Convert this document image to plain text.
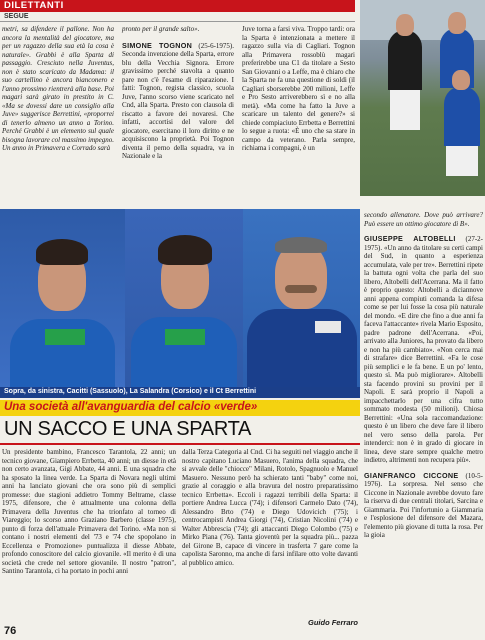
DILETTANTI
SEGUE

metri, sa difendere il pallone. Non ha ancora la mentalità del giocatore, ma per un ragazzo della sua età la cosa è naturale». Grabbi è alla Sparta di passaggio. Cresciuto nella Juventus, non è stato scaricato da Madama: il suo cartellino è ancora bianconero e l'anno prossimo rientrerà alla base. Poi magari sarà girato in prestito in C. «Ma se dovessi dare un consiglio alla Juve» suggerisce Berrettini, «proporrei di tenerlo almeno un anno a Torino. Perché Grabbi è un elemento sul quale bisogna lavorare col massimo impegno. Un anno in Primavera e Corrado sarà

pronto per il grande salto».

SIMONE TOGNON (25-6-1975). Seconda invenzione della Sparta, errore blu della Vecchia Signora. Errore gravissimo perché stavolta a quanto pare non c'è l'esame di riparazione. I fatti: Tognon, regista classico, scuola Juve, l'anno scorso viene scaricato nel Cnd, alla Sparta. Presto con clausola di riscatto a favore dei novaresi. Che infatti, accortisi del valore del giocatore, esercitano il loro diritto e ne acquisiscono la proprietà. Poi Tognon diventa il perno della squadra, va in Nazionale e la

Juve torna a farsi viva. Troppo tardi: ora la Sparta è intenzionata a mettere il ragazzo sulla via di Cagliari. Tognon alla Primavera rossoblù magari preferirebbe una C1 da titolare a Sesto San Giovanni o a Leffe, ma è chiaro che la Sparta ne fa una questione di soldi (il Cagliari sborserebbe 200 milioni, Leffe e Pro Sesto arriverebbero sì e no alla metà). «Ma come ha fatto la Juve a scaricare un talento del genere?» si chiede compiaciuto Errbetta e Berrettini lo segue a ruota: «È uno che sa stare in campo da veterano. Parla sempre, richiama i compagni, è un

Sopra, da sinistra, Cacitti (Sassuolo), La Salandra (Corsico) e il Ct Berrettini

secondo allenatore. Dove può arrivare? Può essere un ottimo giocatore di B».

GIUSEPPE ALTOBELLI (27-2-1975). «Un anno da titolare su certi campi del Sud, in quanto a esperienza accumulata, vale per tre». Berrettini ripete la battuta ogni volta che parla del suo libero, Altobelli dell'Acerrana. Ma il fatto è proprio questo: Altobelli a diciannove anni appena compiuti comanda la difesa come se per lui fosse la cosa più naturale del mondo. «E dire che fino a due anni fa faceva l'attaccante» rivela Mario Esposito, padre padrone dell'Acerrana. «Poi, arrivato alla Juniores, ha provato da libero e non ha più cambiato». «Non cerca mai di strafare» dice Berrettini. «Fa le cose più semplici e le fa bene. E un po' lento, questo sì. Ma può migliorare». Altobelli sta facendo provini su provini per il Napoli. E sarà proprio il Napoli a impacchettarlo per una cifra tutto sommato modesta (50 milioni). Chiosa Berrettini: «Una sola raccomandazione: questo è un libero che deve fare il libero nel vero senso della parola. Per intenderci: non è in grado di giocare in linea, deve stare sempre qualche metro indietro, altrimenti non recupera più».

GIANFRANCO CICCONE (10-5-1976). La sorpresa. Nel senso che Ciccone in Nazionale avrebbe dovuto fare la riserva di due centrali titolari, Sarcina e Giammaria. Poi l'infortunio a Giammaria e l'esplosione del difensore del Mazara, l'elemento più giovane di tutta la rosa. Per la gioia

Una società all'avanguardia del calcio «verde»
UN SACCO E UNA SPARTA

Un presidente bambino, Francesco Tarantola, 22 anni; un tecnico giovane, Giampiero Errbetta, 40 anni; un diesse in età non certo avanzata, Gigi Abbate, 44 anni. E una squadra che ha sposato la linea verde. La Sparta di Novara negli ultimi anni ha lanciato giovani che ora sono più di semplici promesse: due stagioni addietro Tommy Beltrame, classe 1975, difensore, che è attualmente una colonna della Primavera della Juventus che ha trionfato al torneo di Viareggio; lo scorso anno Graziano Barbero (classe 1975), punto di forza dell'attuale Primavera del Torino. «Ma non si contano i nostri elementi del '73 e '74 che spopolano in Eccellenza e Promozione» puntualizza il diesse Abbate, profondo conoscitore del calcio giovanile. «Il merito è di una società che crede nel settore giovanile. Il nostro "patron", Santino Tarantola, ci ha portato in pochi anni

dalla Terza Categoria al Cnd. Ci ha seguiti nel viaggio anche il nostro capitano Luciano Masuero, l'anima della squadra, che si avvale delle "chiocce" Milani, Rotolo, Spagnuolo e Manuel Masuero. Nessuno però ha schierato tanti "baby" come noi, grazie al coraggio e alla bravura del nostro preparatissimo tecnico Errbetta». Eccoli i ragazzi terribili della Sparta: il portiere Andrea Lucca ('74); i difensori Carmelo Dato ('74), Alessandro Brto ('74) e Diego Udovicich ('75); i centrocampisti Andrea Giorgi ('74), Cristian Nicolini ('74) e Walter Abbrescia ('74); gli attaccanti Diego Colombo ('75) e Mirko Piana ('76). Tanta gioventù per la squadra più... pazza del Girone B, capace di vincere in trasferta 7 gare come la capolista Saronno, ma anche di farsi infilare otto volte davanti al pubblico amico.

Guido Ferraro
76
